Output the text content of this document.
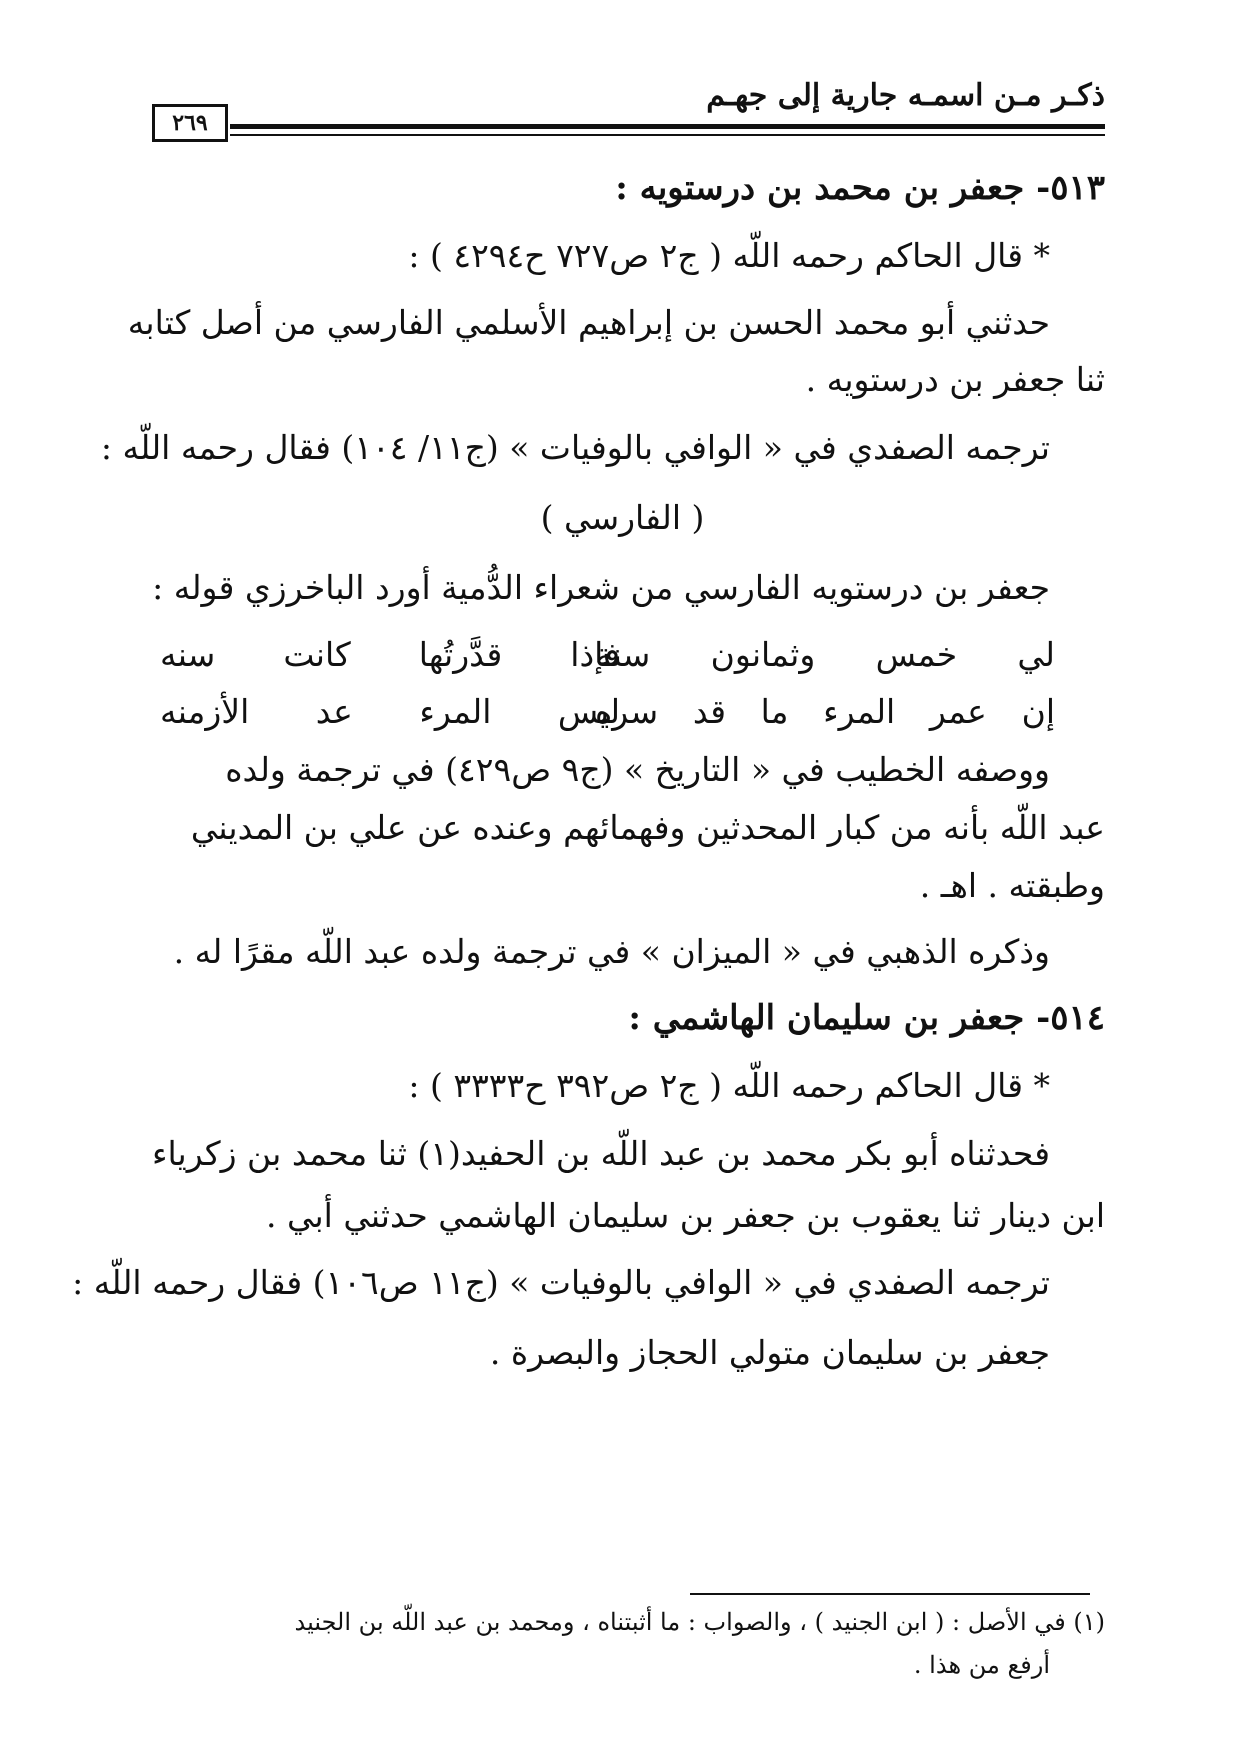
ذكـر مـن اسمـه جارية إلى جهـم
٢٦٩
٥١٣- جعفر بن محمد بن درستويه :
* قال الحاكم رحمه اللّه ( ج٢ ص٧٢٧ ح٤٢٩٤ ) :
حدثني أبو محمد الحسن بن إبراهيم الأسلمي الفارسي من أصل كتابه
ثنا جعفر بن درستويه .
ترجمه الصفدي في « الوافي بالوفيات » (ج١١/ ١٠٤) فقال رحمه اللّه :
( الفارسي )
جعفر بن درستويه الفارسي من شعراء الدُّمية أورد الباخرزي قوله :
لي خمس وثمانون سنة
فإذا قدَّرتُها كانت سنه
إن عمر المرء ما قد سره
ليس المرء عد الأزمنه
ووصفه الخطيب في « التاريخ » (ج٩ ص٤٢٩) في ترجمة ولده
عبد اللّه بأنه من كبار المحدثين وفهمائهم وعنده عن علي بن المديني
وطبقته . اهـ .
وذكره الذهبي في « الميزان » في ترجمة ولده عبد اللّه مقرًا له .
٥١٤- جعفر بن سليمان الهاشمي :
* قال الحاكم رحمه اللّه ( ج٢ ص٣٩٢ ح٣٣٣٣ ) :
فحدثناه أبو بكر محمد بن عبد اللّه بن الحفيد(١) ثنا محمد بن زكرياء
ابن دينار ثنا يعقوب بن جعفر بن سليمان الهاشمي حدثني أبي .
ترجمه الصفدي في « الوافي بالوفيات » (ج١١ ص١٠٦) فقال رحمه اللّه :
جعفر بن سليمان متولي الحجاز والبصرة .
(١) في الأصل : ( ابن الجنيد ) ، والصواب : ما أثبتناه ، ومحمد بن عبد اللّه بن الجنيد
أرفع من هذا .
